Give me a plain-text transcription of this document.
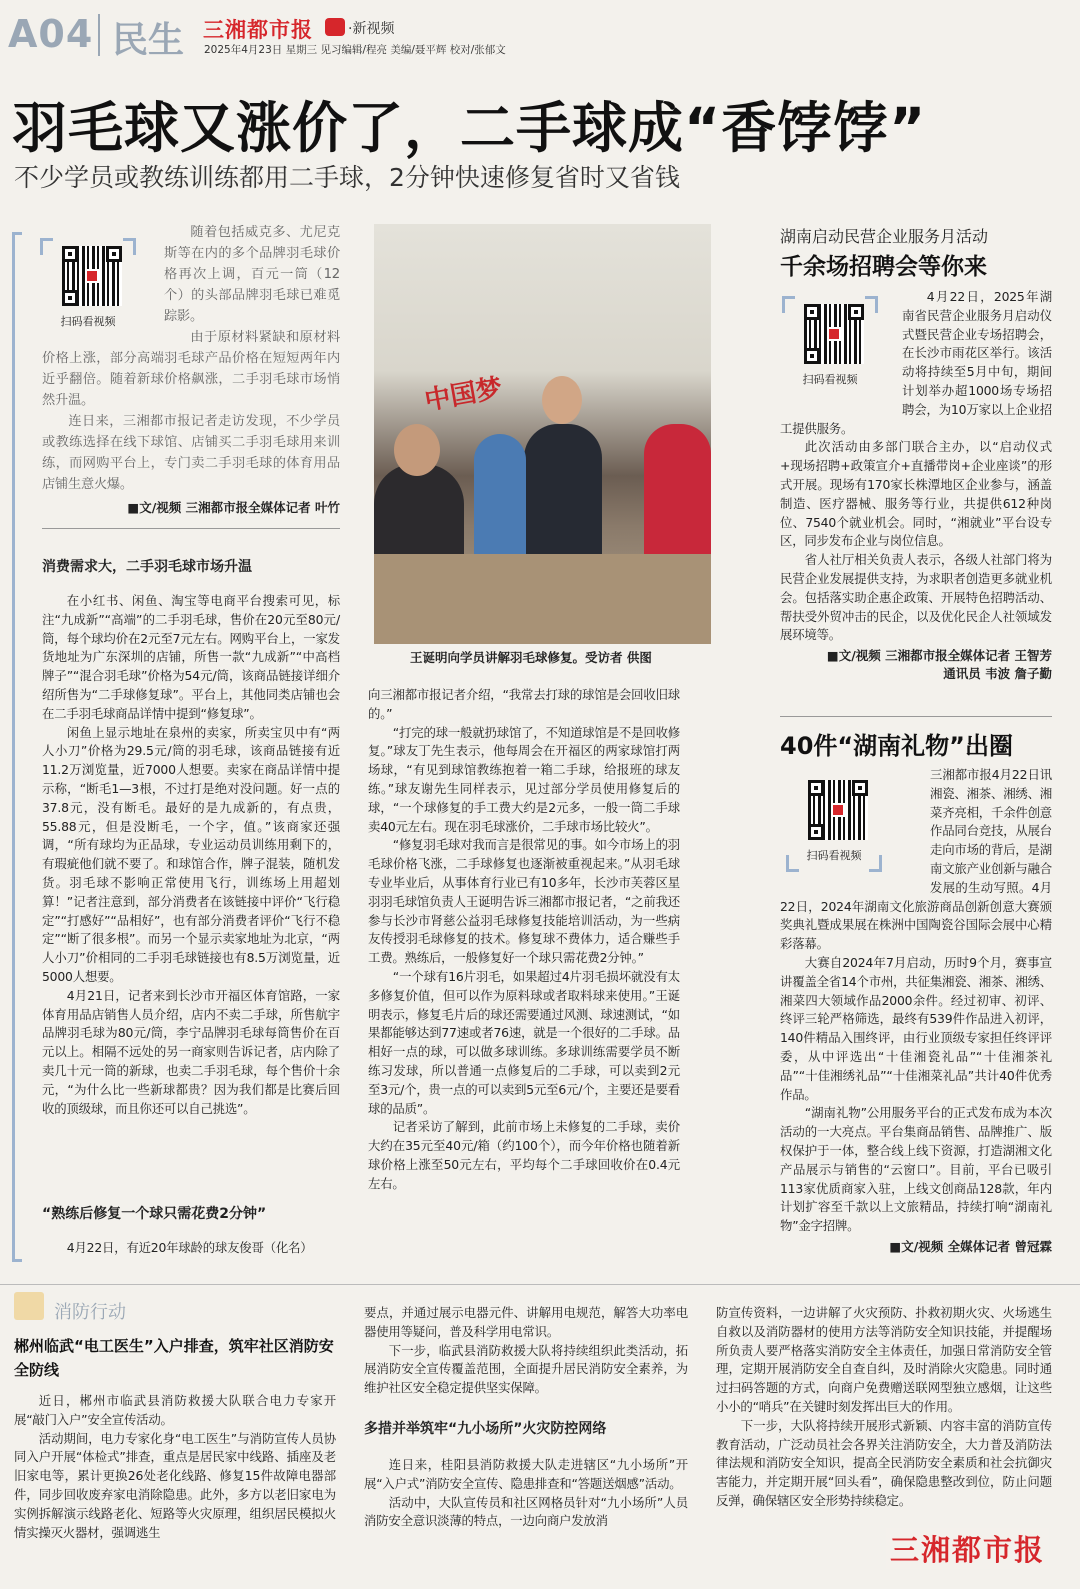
A04 民生 三湘都市报	·新视频
2025年4月23日 星期三 见习编辑/程亮 美编/聂平辉 校对/张郁文
羽毛球又涨价了，二手球成“香饽饽”
不少学员或教练训练都用二手球，2分钟快速修复省时又省钱
扫码看视频

随着包括威克多、尤尼克斯等在内的多个品牌羽毛球价格再次上调，百元一筒（12个）的头部品牌羽毛球已难觅踪影。

由于原材料紧缺和原材料价格上涨，部分高端羽毛球产品价格在短短两年内近乎翻倍。随着新球价格飙涨，二手羽毛球市场悄然升温。

连日来，三湘都市报记者走访发现，不少学员或教练选择在线下球馆、店铺买二手羽毛球用来训练，而网购平台上，专门卖二手羽毛球的体育用品店铺生意火爆。

■文/视频 三湘都市报全媒体记者 叶竹

消费需求大，二手羽毛球市场升温

在小红书、闲鱼、淘宝等电商平台搜索可见，标注“九成新”“高端”的二手羽毛球，售价在20元至80元/筒，每个球均价在2元至7元左右。网购平台上，一家发货地址为广东深圳的店铺，所售一款“九成新”“中高档牌子”“混合羽毛球”价格为54元/筒，该商品链接详细介绍所售为“二手球修复球”。平台上，其他同类店铺也会在二手羽毛球商品详情中提到“修复球”。

闲鱼上显示地址在泉州的卖家，所卖宝贝中有“两人小刀”价格为29.5元/筒的羽毛球，该商品链接有近11.2万浏览量，近7000人想要。卖家在商品详情中提示称，“断毛1—3根，不过打是绝对没问题。好一点的37.8元，没有断毛。最好的是九成新的，有点贵，55.88元，但是没断毛，一个字，值。”该商家还强调，“所有球均为正品球，专业运动员训练用剩下的，有瑕疵他们就不要了。和球馆合作，牌子混装，随机发货。羽毛球不影响正常使用飞行，训练场上用超划算！”记者注意到，部分消费者在该链接中评价“飞行稳定”“打感好”“品相好”，也有部分消费者评价“飞行不稳定”“断了很多根”。而另一个显示卖家地址为北京，“两人小刀”价相同的二手羽毛球链接也有8.5万浏览量，近5000人想要。

4月21日，记者来到长沙市开福区体育馆路，一家体育用品店销售人员介绍，店内不卖二手球，所售航宇品牌羽毛球为80元/筒，李宁品牌羽毛球每筒售价在百元以上。相隔不远处的另一商家则告诉记者，店内除了卖几十元一筒的新球，也卖二手羽毛球，每个售价十余元，“为什么比一些新球都贵？因为我们都是比赛后回收的顶级球，而且你还可以自己挑选”。

“熟练后修复一个球只需花费2分钟”

4月22日，有近20年球龄的球友俊哥（化名）

中国梦
王诞明向学员讲解羽毛球修复。受访者 供图

向三湘都市报记者介绍，“我常去打球的球馆是会回收旧球的。”

“打完的球一般就扔球馆了，不知道球馆是不是回收修复。”球友丁先生表示，他每周会在开福区的两家球馆打两场球，“有见到球馆教练抱着一箱二手球，给报班的球友练。”球友谢先生同样表示，见过部分学员使用修复后的球，“一个球修复的手工费大约是2元多，一般一筒二手球卖40元左右。现在羽毛球涨价，二手球市场比较火”。

“修复羽毛球对我而言是很常见的事。如今市场上的羽毛球价格飞涨，二手球修复也逐渐被重视起来。”从羽毛球专业毕业后，从事体育行业已有10多年，长沙市芙蓉区星羽羽毛球馆负责人王诞明告诉三湘都市报记者，“之前我还参与长沙市肾慈公益羽毛球修复技能培训活动，为一些病友传授羽毛球修复的技术。修复球不费体力，适合赚些手工费。熟练后，一般修复好一个球只需花费2分钟。”

“一个球有16片羽毛，如果超过4片羽毛损坏就没有太多修复价值，但可以作为原料球或者取料球来使用。”王诞明表示，修复毛片后的球还需要通过风测、球速测试，“如果都能够达到77速或者76速，就是一个很好的二手球。品相好一点的球，可以做多球训练。多球训练需要学员不断练习发球，所以普通一点修复后的二手球，可以卖到2元至3元/个，贵一点的可以卖到5元至6元/个，主要还是要看球的品质”。

记者采访了解到，此前市场上未修复的二手球，卖价大约在35元至40元/箱（约100个），而今年价格也随着新球价格上涨至50元左右，平均每个二手球回收价在0.4元左右。

湖南启动民营企业服务月活动
千余场招聘会等你来
扫码看视频

4月22日，2025年湖南省民营企业服务月启动仪式暨民营企业专场招聘会，在长沙市雨花区举行。该活动将持续至5月中旬，期间计划举办超1000场专场招聘会，为10万家以上企业招工提供服务。

此次活动由多部门联合主办，以“启动仪式+现场招聘+政策宣介+直播带岗+企业座谈”的形式开展。现场有170家长株潭地区企业参与，涵盖制造、医疗器械、服务等行业，共提供612种岗位、7540个就业机会。同时，“湘就业”平台设专区，同步发布企业与岗位信息。

省人社厅相关负责人表示，各级人社部门将为民营企业发展提供支持，为求职者创造更多就业机会。包括落实助企惠企政策、开展特色招聘活动、帮扶受外贸冲击的民企，以及优化民企人社领域发展环境等。

■文/视频 三湘都市报全媒体记者 王智芳

通讯员 韦波 詹子勤

40件“湖南礼物”出圈
扫码看视频

三湘都市报4月22日讯 湘瓷、湘茶、湘绣、湘菜齐亮相，千余件创意作品同台竞技，从展台走向市场的背后，是湖南文旅产业创新与融合发展的生动写照。4月22日，2024年湖南文化旅游商品创新创意大赛颁奖典礼暨成果展在株洲中国陶瓷谷国际会展中心精彩落幕。

大赛自2024年7月启动，历时9个月，赛事宣讲覆盖全省14个市州，共征集湘瓷、湘茶、湘绣、湘菜四大领域作品2000余件。经过初审、初评、终评三轮严格筛选，最终有539件作品进入初评，140件精品入围终评，由行业顶级专家担任终评评委，从中评选出“十佳湘瓷礼品”“十佳湘茶礼品”“十佳湘绣礼品”“十佳湘菜礼品”共计40件优秀作品。

“湖南礼物”公用服务平台的正式发布成为本次活动的一大亮点。平台集商品销售、品牌推广、版权保护于一体，整合线上线下资源，打造湖湘文化产品展示与销售的“云窗口”。目前，平台已吸引113家优质商家入驻，上线文创商品128款，年内计划扩容至千款以上文旅精品，持续打响“湖南礼物”金字招牌。

■文/视频 全媒体记者 曾冠霖

消防行动
郴州临武“电工医生”入户排查，筑牢社区消防安全防线

近日，郴州市临武县消防救援大队联合电力专家开展“敲门入户”安全宣传活动。

活动期间，电力专家化身“电工医生”与消防宣传人员协同入户开展“体检式”排查，重点是居民家中线路、插座及老旧家电等，累计更换26处老化线路、修复15件故障电器部件，同步回收废弃家电消除隐患。此外，多方以老旧家电为实例拆解演示线路老化、短路等火灾原理，组织居民模拟火情实操灭火器材，强调逃生

要点，并通过展示电器元件、讲解用电规范，解答大功率电器使用等疑问，普及科学用电常识。

下一步，临武县消防救援大队将持续组织此类活动，拓展消防安全宣传覆盖范围，全面提升居民消防安全素养，为维护社区安全稳定提供坚实保障。

多措并举筑牢“九小场所”火灾防控网络

连日来，桂阳县消防救援大队走进辖区“九小场所”开展“入户式”消防安全宣传、隐患排查和“答题送烟感”活动。

活动中，大队宣传员和社区网格员针对“九小场所”人员消防安全意识淡薄的特点，一边向商户发放消

防宣传资料，一边讲解了火灾预防、扑救初期火灾、火场逃生自救以及消防器材的使用方法等消防安全知识技能，并提醒场所负责人要严格落实消防安全主体责任，加强日常消防安全管理，定期开展消防安全自查自纠，及时消除火灾隐患。同时通过扫码答题的方式，向商户免费赠送联网型独立感烟，让这些小小的“哨兵”在关键时刻发挥出巨大的作用。

下一步，大队将持续开展形式新颖、内容丰富的消防宣传教育活动，广泛动员社会各界关注消防安全，大力普及消防法律法规和消防安全知识，提高全民消防安全素质和社会抗御灾害能力，并定期开展“回头看”，确保隐患整改到位，防止问题反弹，确保辖区安全形势持续稳定。

三湘都市报
